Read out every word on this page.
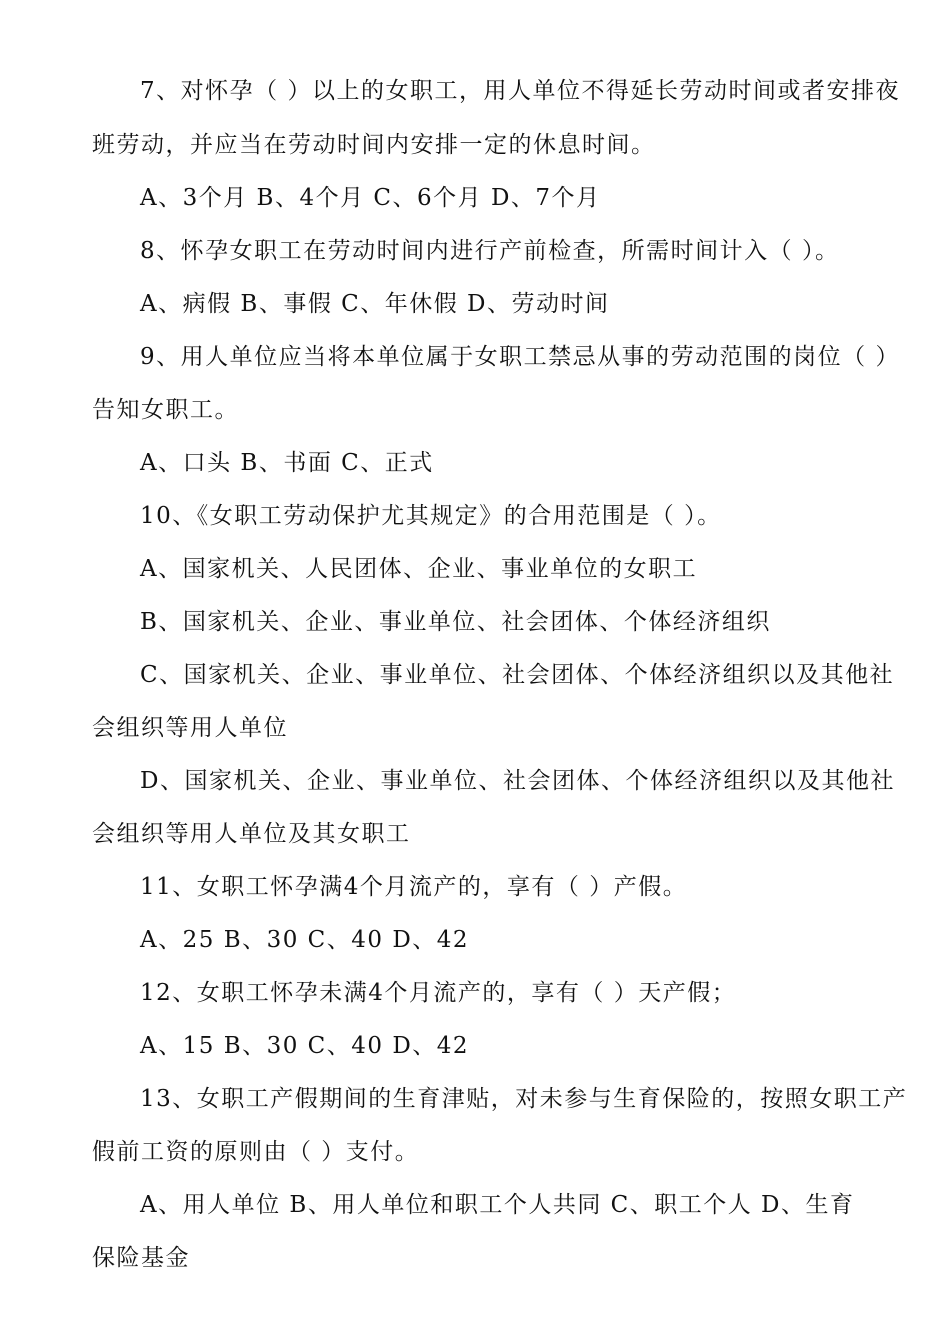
7、对怀孕（ ）以上的女职工，用人单位不得延长劳动时间或者安排夜
班劳动，并应当在劳动时间内安排一定的休息时间。
A、3个月 B、4个月 C、6个月 D、7个月
8、怀孕女职工在劳动时间内进行产前检查，所需时间计入（ ）。
A、病假 B、事假 C、年休假 D、劳动时间
9、用人单位应当将本单位属于女职工禁忌从事的劳动范围的岗位（ ）
告知女职工。
A、口头 B、书面 C、正式
10、《女职工劳动保护尤其规定》的合用范围是（ ）。
A、国家机关、人民团体、企业、事业单位的女职工
B、国家机关、企业、事业单位、社会团体、个体经济组织
C、国家机关、企业、事业单位、社会团体、个体经济组织以及其他社
会组织等用人单位
D、国家机关、企业、事业单位、社会团体、个体经济组织以及其他社
会组织等用人单位及其女职工
11、女职工怀孕满4个月流产的，享有（ ）产假。
A、25 B、30 C、40 D、42
12、女职工怀孕未满4个月流产的，享有（ ）天产假；
A、15 B、30 C、40 D、42
13、女职工产假期间的生育津贴，对未参与生育保险的，按照女职工产
假前工资的原则由（ ）支付。
A、用人单位 B、用人单位和职工个人共同 C、职工个人 D、生育
保险基金
